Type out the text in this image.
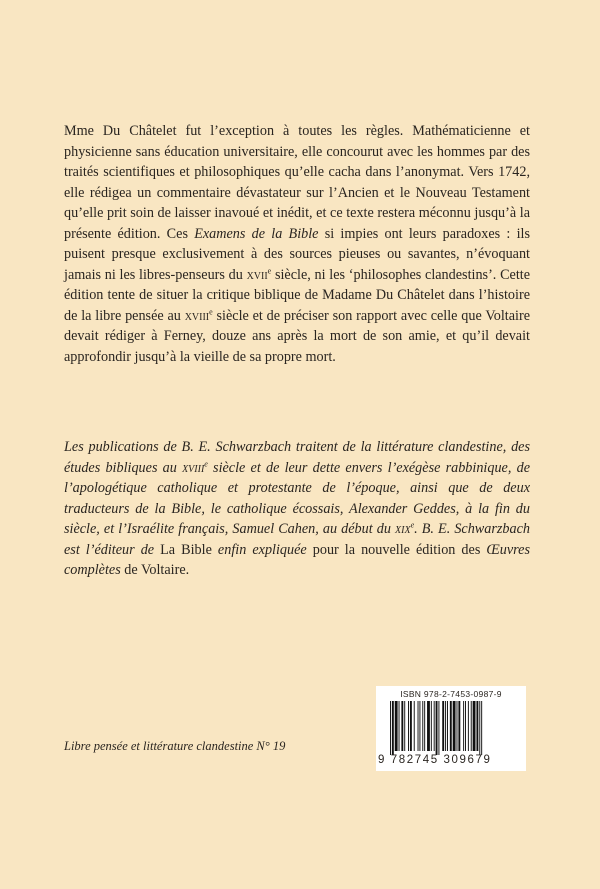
Mme Du Châtelet fut l’exception à toutes les règles. Mathématicienne et physicienne sans éducation universitaire, elle concourut avec les hommes par des traités scientifiques et philosophiques qu’elle cacha dans l’anonymat. Vers 1742, elle rédigea un commentaire dévastateur sur l’Ancien et le Nouveau Testament qu’elle prit soin de laisser inavoué et inédit, et ce texte restera méconnu jusqu’à la présente édition. Ces Examens de la Bible si impies ont leurs paradoxes : ils puisent presque exclusivement à des sources pieuses ou savantes, n’évoquant jamais ni les libres-penseurs du xvii$^e$ siècle, ni les ‘philosophes clandestins’. Cette édition tente de situer la critique biblique de Madame Du Châtelet dans l’histoire de la libre pensée au xviii$^e$ siècle et de préciser son rapport avec celle que Voltaire devait rédiger à Ferney, douze ans après la mort de son amie, et qu’il devait approfondir jusqu’à la vieille de sa propre mort.

Les publications de B. E. Schwarzbach traitent de la littérature clandestine, des études bibliques au xviii$^e$ siècle et de leur dette envers l’exégèse rabbinique, de l’apologétique catholique et protestante de l’époque, ainsi que de deux traducteurs de la Bible, le catholique écossais, Alexander Geddes, à la fin du siècle, et l’Israélite français, Samuel Cahen, au début du xix$^e$. B. E. Schwarzbach est l’éditeur de La Bible enfin expliquée pour la nouvelle édition des Œuvres complètes de Voltaire.

Libre pensée et littérature clandestine N° 19

ISBN 978-2-7453-0987-9
9 782745 309679
